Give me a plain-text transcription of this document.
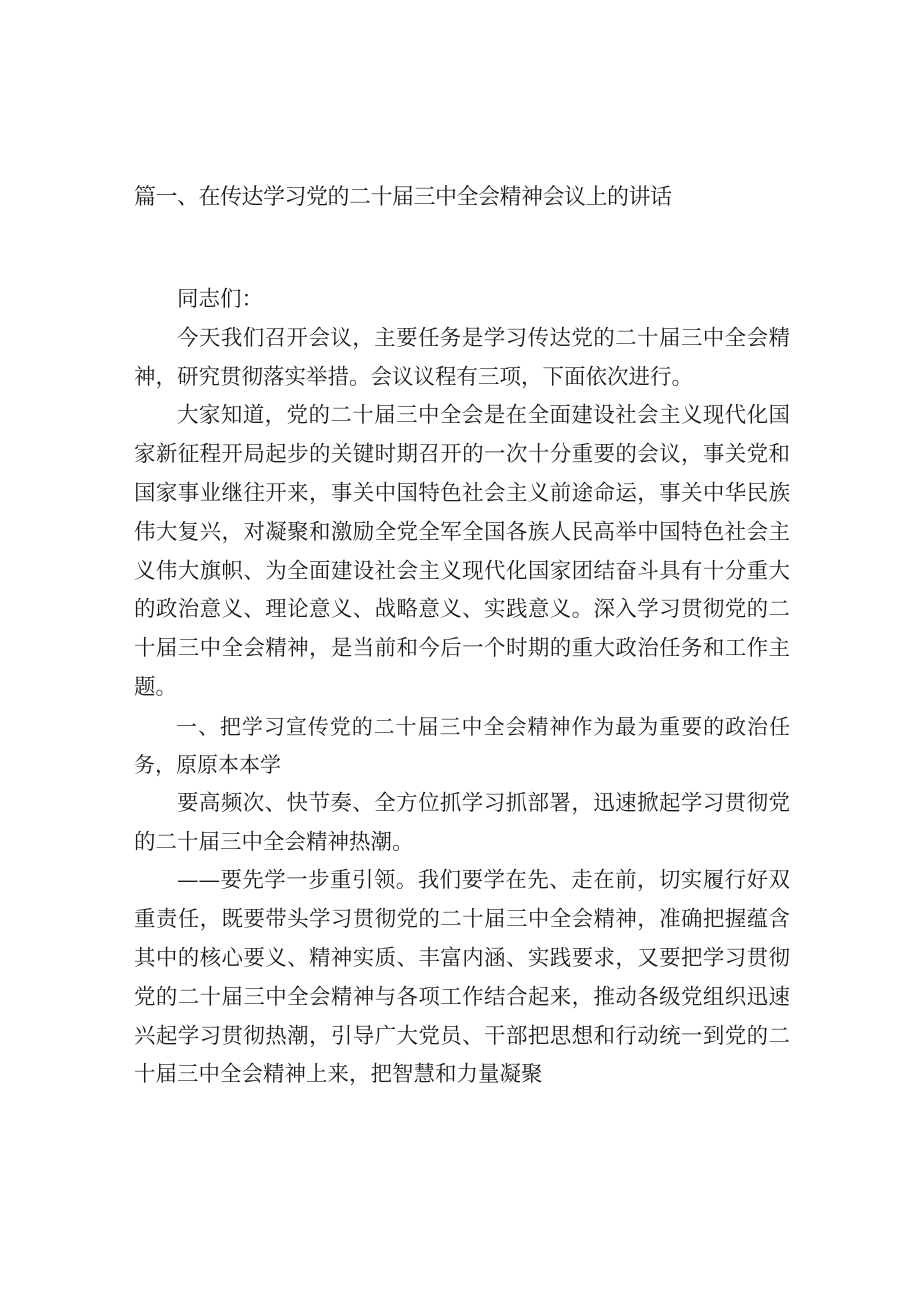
篇一、在传达学习党的二十届三中全会精神会议上的讲话

同志们：

今天我们召开会议，主要任务是学习传达党的二十届三中全会精神，研究贯彻落实举措。会议议程有三项，下面依次进行。

大家知道，党的二十届三中全会是在全面建设社会主义现代化国家新征程开局起步的关键时期召开的一次十分重要的会议，事关党和国家事业继往开来，事关中国特色社会主义前途命运，事关中华民族伟大复兴，对凝聚和激励全党全军全国各族人民高举中国特色社会主义伟大旗帜、为全面建设社会主义现代化国家团结奋斗具有十分重大的政治意义、理论意义、战略意义、实践意义。深入学习贯彻党的二十届三中全会精神，是当前和今后一个时期的重大政治任务和工作主题。

一、把学习宣传党的二十届三中全会精神作为最为重要的政治任务，原原本本学

要高频次、快节奏、全方位抓学习抓部署，迅速掀起学习贯彻党的二十届三中全会精神热潮。

——要先学一步重引领。我们要学在先、走在前，切实履行好双重责任，既要带头学习贯彻党的二十届三中全会精神，准确把握蕴含其中的核心要义、精神实质、丰富内涵、实践要求，又要把学习贯彻党的二十届三中全会精神与各项工作结合起来，推动各级党组织迅速兴起学习贯彻热潮，引导广大党员、干部把思想和行动统一到党的二十届三中全会精神上来，把智慧和力量凝聚
